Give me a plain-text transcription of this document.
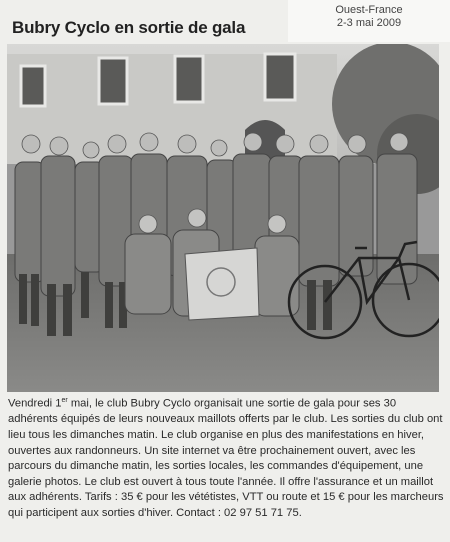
Ouest-France
2-3 mai 2009
Bubry Cyclo en sortie de gala
Vendredi 1er mai, le club Bubry Cyclo organisait une sortie de gala pour ses 30 adhérents équipés de leurs nouveaux maillots offerts par le club. Les sorties du club ont lieu tous les dimanches matin. Le club organise en plus des manifestations en hiver, ouvertes aux randonneurs. Un site internet va être prochainement ouvert, avec les parcours du dimanche matin, les sorties locales, les commandes d'équipement, une galerie photos. Le club est ouvert à tous toute l'année. Il offre l'assurance et un maillot aux adhérents. Tarifs : 35 € pour les vététistes, VTT ou route et 15 € pour les marcheurs qui participent aux sorties d'hiver. Contact : 02 97 51 71 75.
